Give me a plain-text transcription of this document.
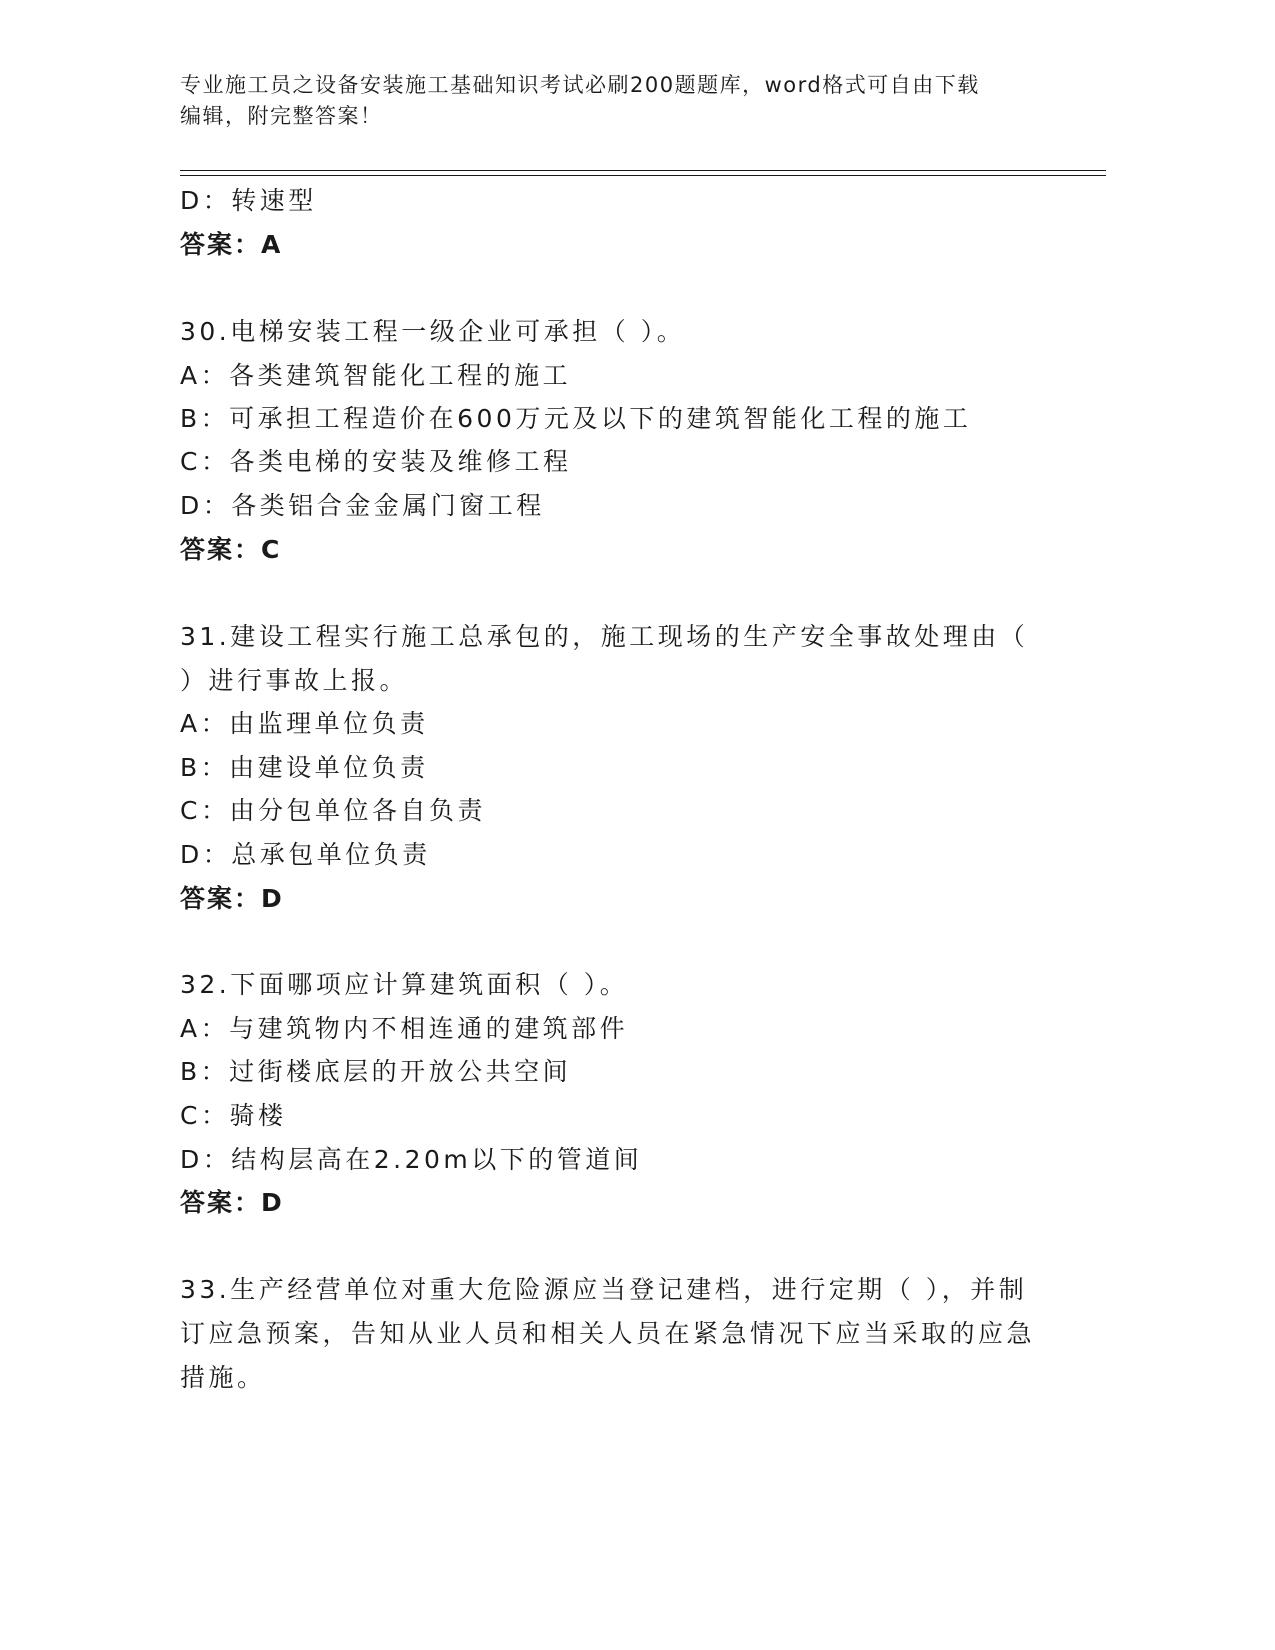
专业施工员之设备安装施工基础知识考试必刷200题题库，word格式可自由下载
编辑，附完整答案！
D：转速型
答案：A
30.电梯安装工程一级企业可承担（ ）。
A：各类建筑智能化工程的施工
B：可承担工程造价在600万元及以下的建筑智能化工程的施工
C：各类电梯的安装及维修工程
D：各类铝合金金属门窗工程
答案：C
31.建设工程实行施工总承包的，施工现场的生产安全事故处理由（
）进行事故上报。
A：由监理单位负责
B：由建设单位负责
C：由分包单位各自负责
D：总承包单位负责
答案：D
32.下面哪项应计算建筑面积（ ）。
A：与建筑物内不相连通的建筑部件
B：过街楼底层的开放公共空间
C：骑楼
D：结构层高在2.20m以下的管道间
答案：D
33.生产经营单位对重大危险源应当登记建档，进行定期（ ），并制
订应急预案，告知从业人员和相关人员在紧急情况下应当采取的应急
措施。
